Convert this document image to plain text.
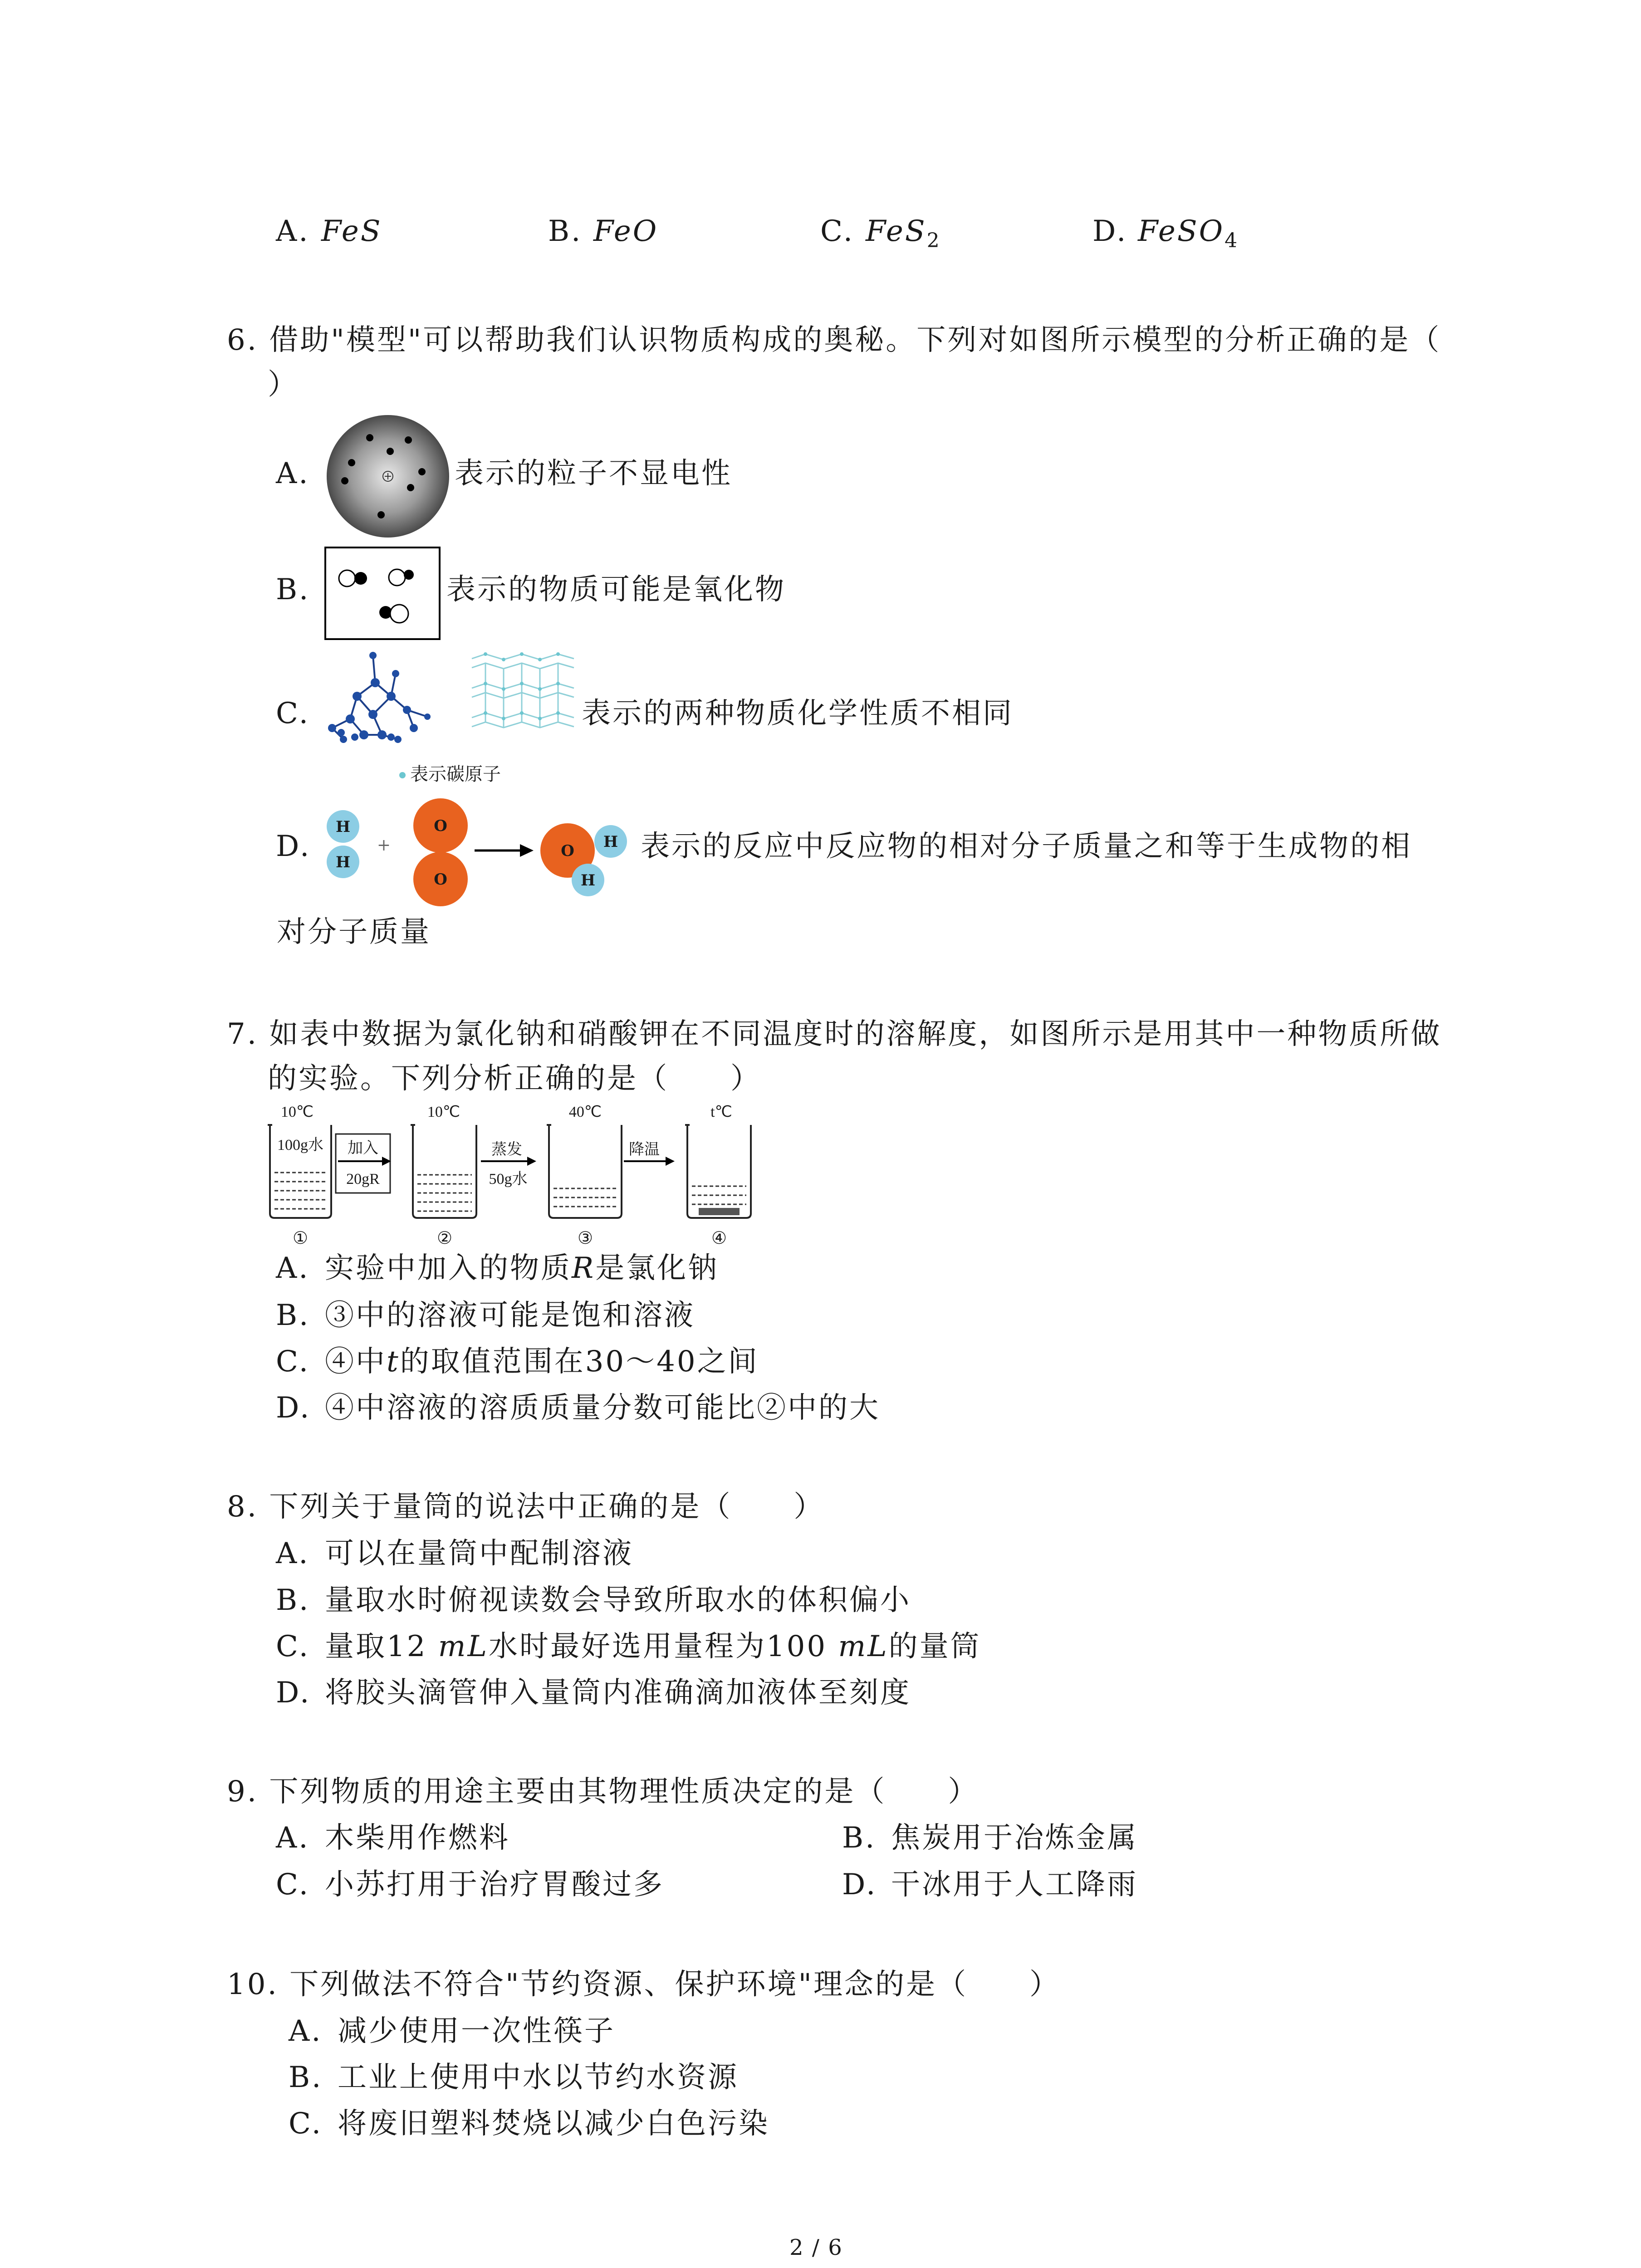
A. FeS	B. FeO	C. FeS$_2$	D. FeSO$_4$
6. 借助"模型"可以帮助我们认识物质构成的奥秘。下列对如图所示模型的分析正确的是（
）
A.	表示的粒子不显电性
B.	表示的物质可能是氧化物
C.	表示的两种物质化学性质不相同
表示碳原子
D.
H
H
+
O
O
O H
H
表示的反应中反应物的相对分子质量之和等于生成物的相
对分子质量
7. 如表中数据为氯化钠和硝酸钾在不同温度时的溶解度，如图所示是用其中一种物质所做
的实验。下列分析正确的是（　　）
10℃	10℃	40℃	t℃
100g水 加入
20gR
蒸发
50g水
降温
①	②	③	④
A. 实验中加入的物质R是氯化钠
B. ③中的溶液可能是饱和溶液
C. ④中t的取值范围在30～40之间
D. ④中溶液的溶质质量分数可能比②中的大
8. 下列关于量筒的说法中正确的是（　　）
A. 可以在量筒中配制溶液
B. 量取水时俯视读数会导致所取水的体积偏小
C. 量取12 mL水时最好选用量程为100 mL的量筒
D. 将胶头滴管伸入量筒内准确滴加液体至刻度
9. 下列物质的用途主要由其物理性质决定的是（　　）
A. 木柴用作燃料	B. 焦炭用于冶炼金属
C. 小苏打用于治疗胃酸过多	D. 干冰用于人工降雨
10. 下列做法不符合"节约资源、保护环境"理念的是（　　）
A. 减少使用一次性筷子
B. 工业上使用中水以节约水资源
C. 将废旧塑料焚烧以减少白色污染
2 / 6
